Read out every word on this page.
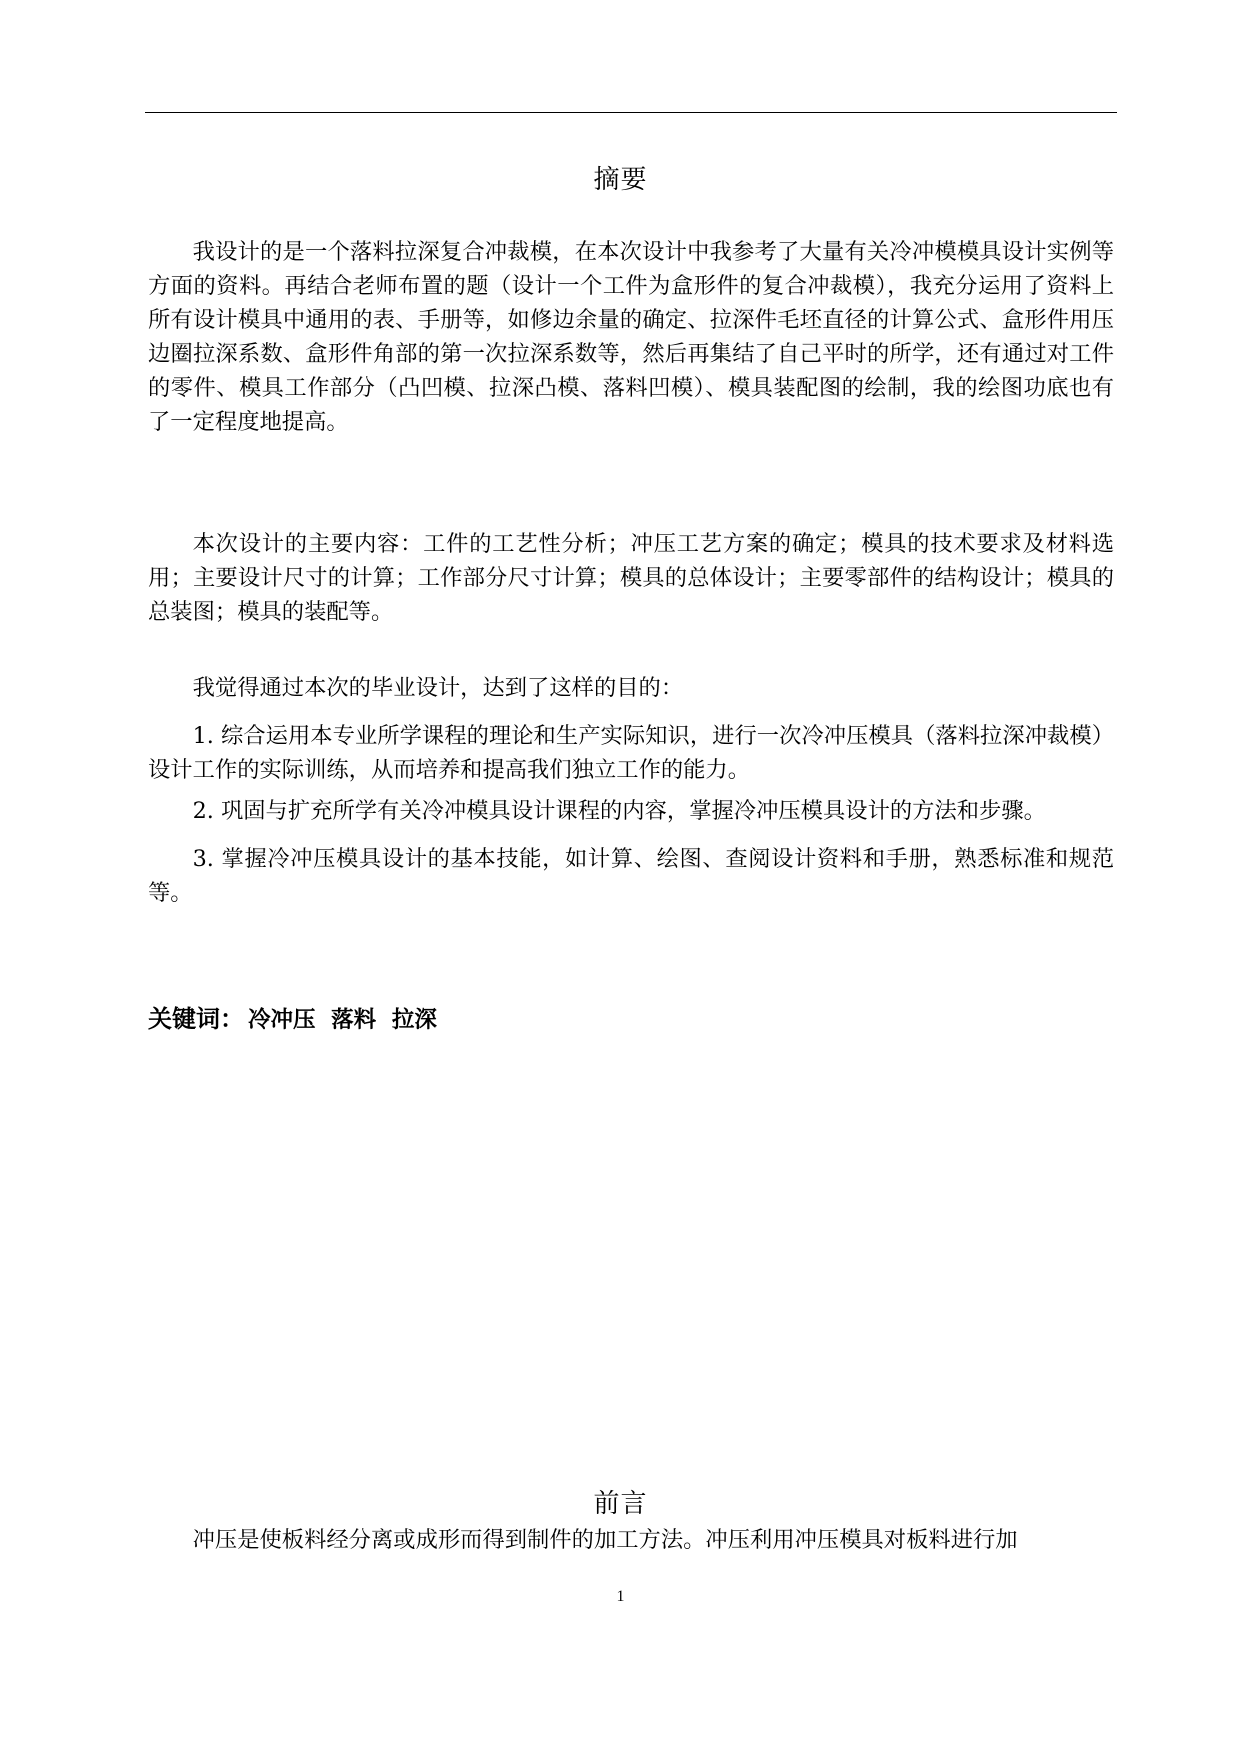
摘要

我设计的是一个落料拉深复合冲裁模，在本次设计中我参考了大量有关冷冲模模具设计实例等方面的资料。再结合老师布置的题（设计一个工件为盒形件的复合冲裁模），我充分运用了资料上所有设计模具中通用的表、手册等，如修边余量的确定、拉深件毛坯直径的计算公式、盒形件用压边圈拉深系数、盒形件角部的第一次拉深系数等，然后再集结了自己平时的所学，还有通过对工件的零件、模具工作部分（凸凹模、拉深凸模、落料凹模）、模具装配图的绘制，我的绘图功底也有了一定程度地提高。

本次设计的主要内容：工件的工艺性分析；冲压工艺方案的确定；模具的技术要求及材料选用；主要设计尺寸的计算；工作部分尺寸计算；模具的总体设计；主要零部件的结构设计；模具的总装图；模具的装配等。

我觉得通过本次的毕业设计，达到了这样的目的：

1. 综合运用本专业所学课程的理论和生产实际知识，进行一次冷冲压模具（落料拉深冲裁模）设计工作的实际训练，从而培养和提高我们独立工作的能力。

2. 巩固与扩充所学有关冷冲模具设计课程的内容，掌握冷冲压模具设计的方法和步骤。

3. 掌握冷冲压模具设计的基本技能，如计算、绘图、查阅设计资料和手册，熟悉标准和规范等。

关键词： 冷冲压  落料  拉深
前言

冲压是使板料经分离或成形而得到制件的加工方法。冲压利用冲压模具对板料进行加

1
